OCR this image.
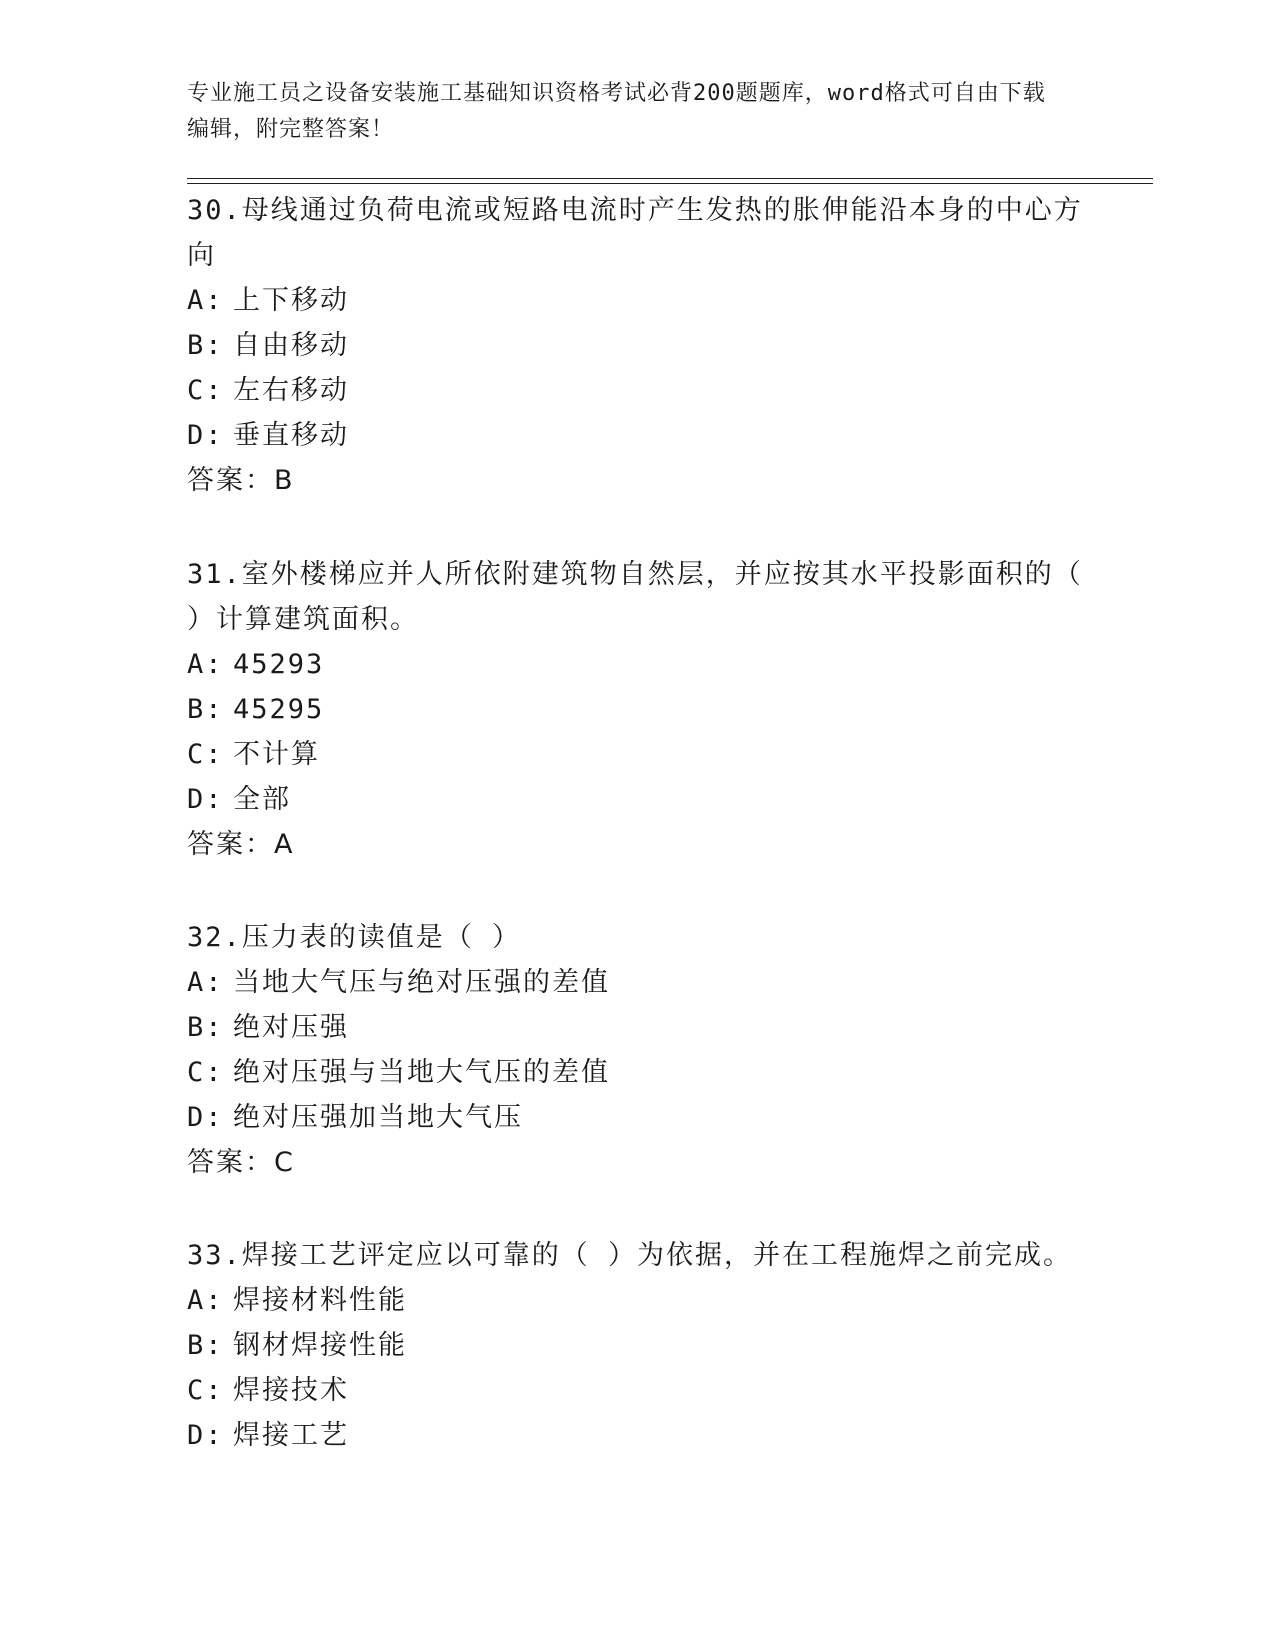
专业施工员之设备安装施工基础知识资格考试必背200题题库，word格式可自由下载编辑，附完整答案！

30.母线通过负荷电流或短路电流时产生发热的胀伸能沿本身的中心方向

A: 上下移动

B: 自由移动

C: 左右移动

D: 垂直移动

答案：B

31.室外楼梯应并人所依附建筑物自然层，并应按其水平投影面积的（ ）计算建筑面积。

A: 45293

B: 45295

C: 不计算

D: 全部

答案：A

32.压力表的读值是（ ）

A: 当地大气压与绝对压强的差值

B: 绝对压强

C: 绝对压强与当地大气压的差值

D: 绝对压强加当地大气压

答案：C

33.焊接工艺评定应以可靠的（ ）为依据，并在工程施焊之前完成。

A: 焊接材料性能

B: 钢材焊接性能

C: 焊接技术

D: 焊接工艺
